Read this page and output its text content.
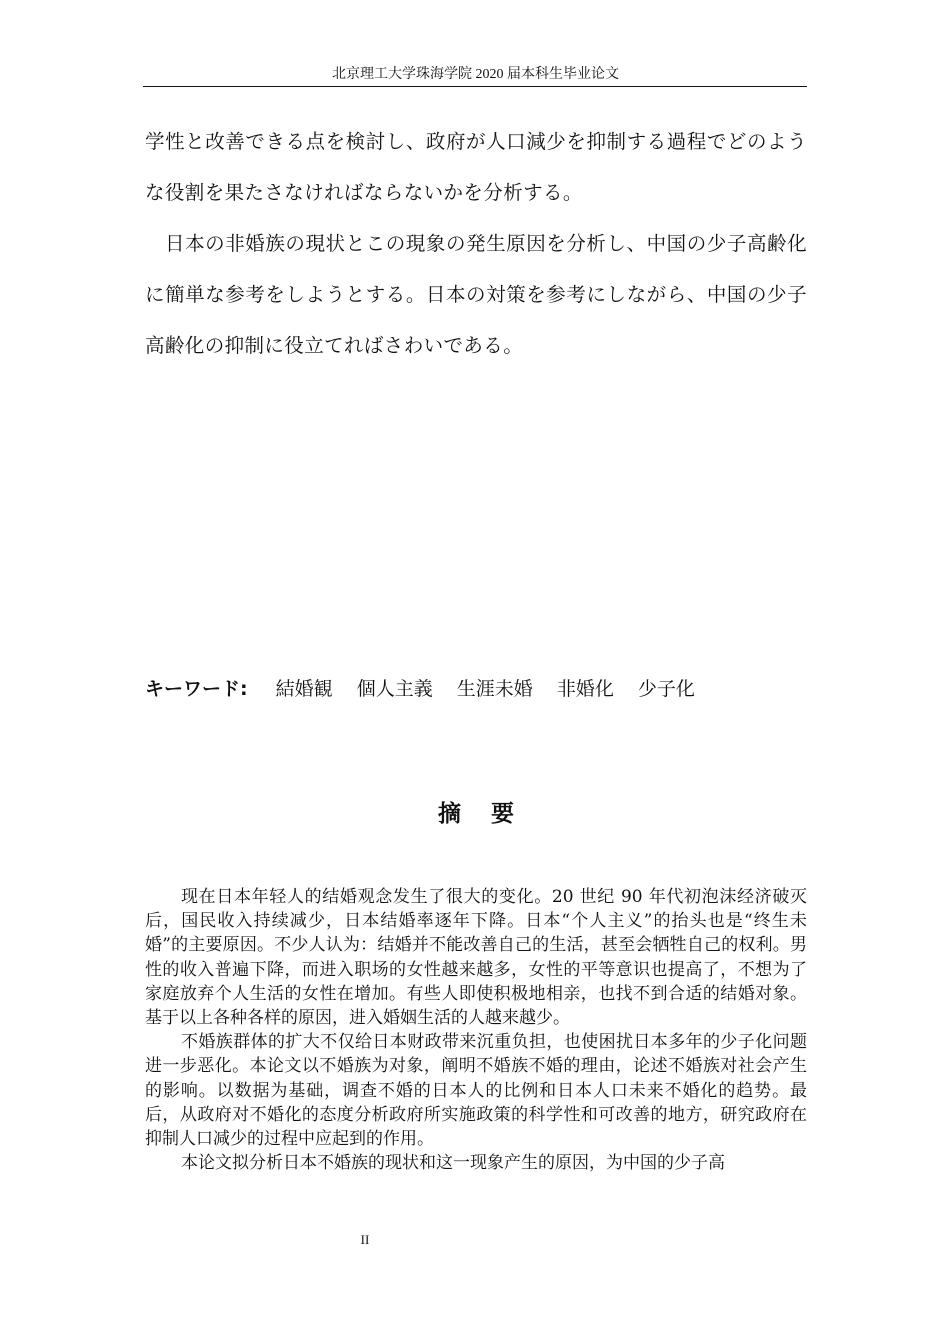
北京理工大学珠海学院 2020 届本科生毕业论文
学性と改善できる点を検討し、政府が人口減少を抑制する過程でどのような役割を果たさなければならないかを分析する。
日本の非婚族の現状とこの現象の発生原因を分析し、中国の少子高齢化に簡単な参考をしようとする。日本の対策を参考にしながら、中国の少子高齢化の抑制に役立てればさわいである。
キーワード: 結婚観 個人主義 生涯未婚 非婚化 少子化
摘要

现在日本年轻人的结婚观念发生了很大的变化。20 世纪 90 年代初泡沫经济破灭后，国民收入持续减少，日本结婚率逐年下降。日本“个人主义”的抬头也是“终生未婚”的主要原因。不少人认为：结婚并不能改善自己的生活，甚至会牺牲自己的权利。男性的收入普遍下降，而进入职场的女性越来越多，女性的平等意识也提高了，不想为了家庭放弃个人生活的女性在增加。有些人即使积极地相亲，也找不到合适的结婚对象。基于以上各种各样的原因，进入婚姻生活的人越来越少。

不婚族群体的扩大不仅给日本财政带来沉重负担，也使困扰日本多年的少子化问题进一步恶化。本论文以不婚族为对象，阐明不婚族不婚的理由，论述不婚族对社会产生的影响。以数据为基础，调查不婚的日本人的比例和日本人口未来不婚化的趋势。最后，从政府对不婚化的态度分析政府所实施政策的科学性和可改善的地方，研究政府在抑制人口减少的过程中应起到的作用。

本论文拟分析日本不婚族的现状和这一现象产生的原因，为中国的少子高

II
